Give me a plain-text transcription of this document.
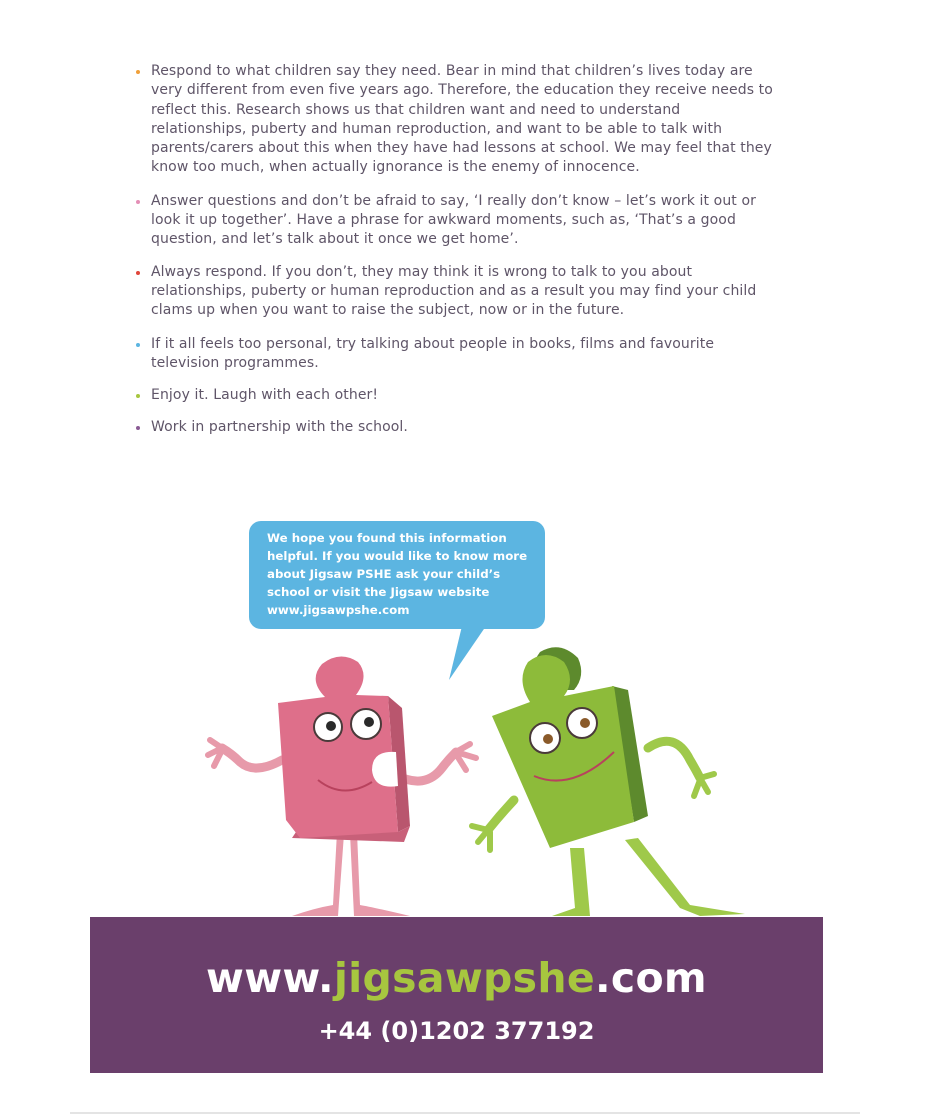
Respond to what children say they need. Bear in mind that children’s lives today are very different from even five years ago. Therefore, the education they receive needs to reflect this. Research shows us that children want and need to understand relationships, puberty and human reproduction, and want to be able to talk with parents/carers about this when they have had lessons at school. We may feel that they know too much, when actually ignorance is the enemy of innocence.
Answer questions and don’t be afraid to say, ‘I really don’t know – let’s work it out or look it up together’. Have a phrase for awkward moments, such as, ‘That’s a good question, and let’s talk about it once we get home’.
Always respond. If you don’t, they may think it is wrong to talk to you about relationships, puberty or human reproduction and as a result you may find your child clams up when you want to raise the subject, now or in the future.
If it all feels too personal, try talking about people in books, films and favourite television programmes.
Enjoy it. Laugh with each other!
Work in partnership with the school.
We hope you found this information helpful. If you would like to know more about Jigsaw PSHE ask your child’s school or visit the Jigsaw website www.jigsawpshe.com
www.jigsawpshe.com
+44 (0)1202 377192
